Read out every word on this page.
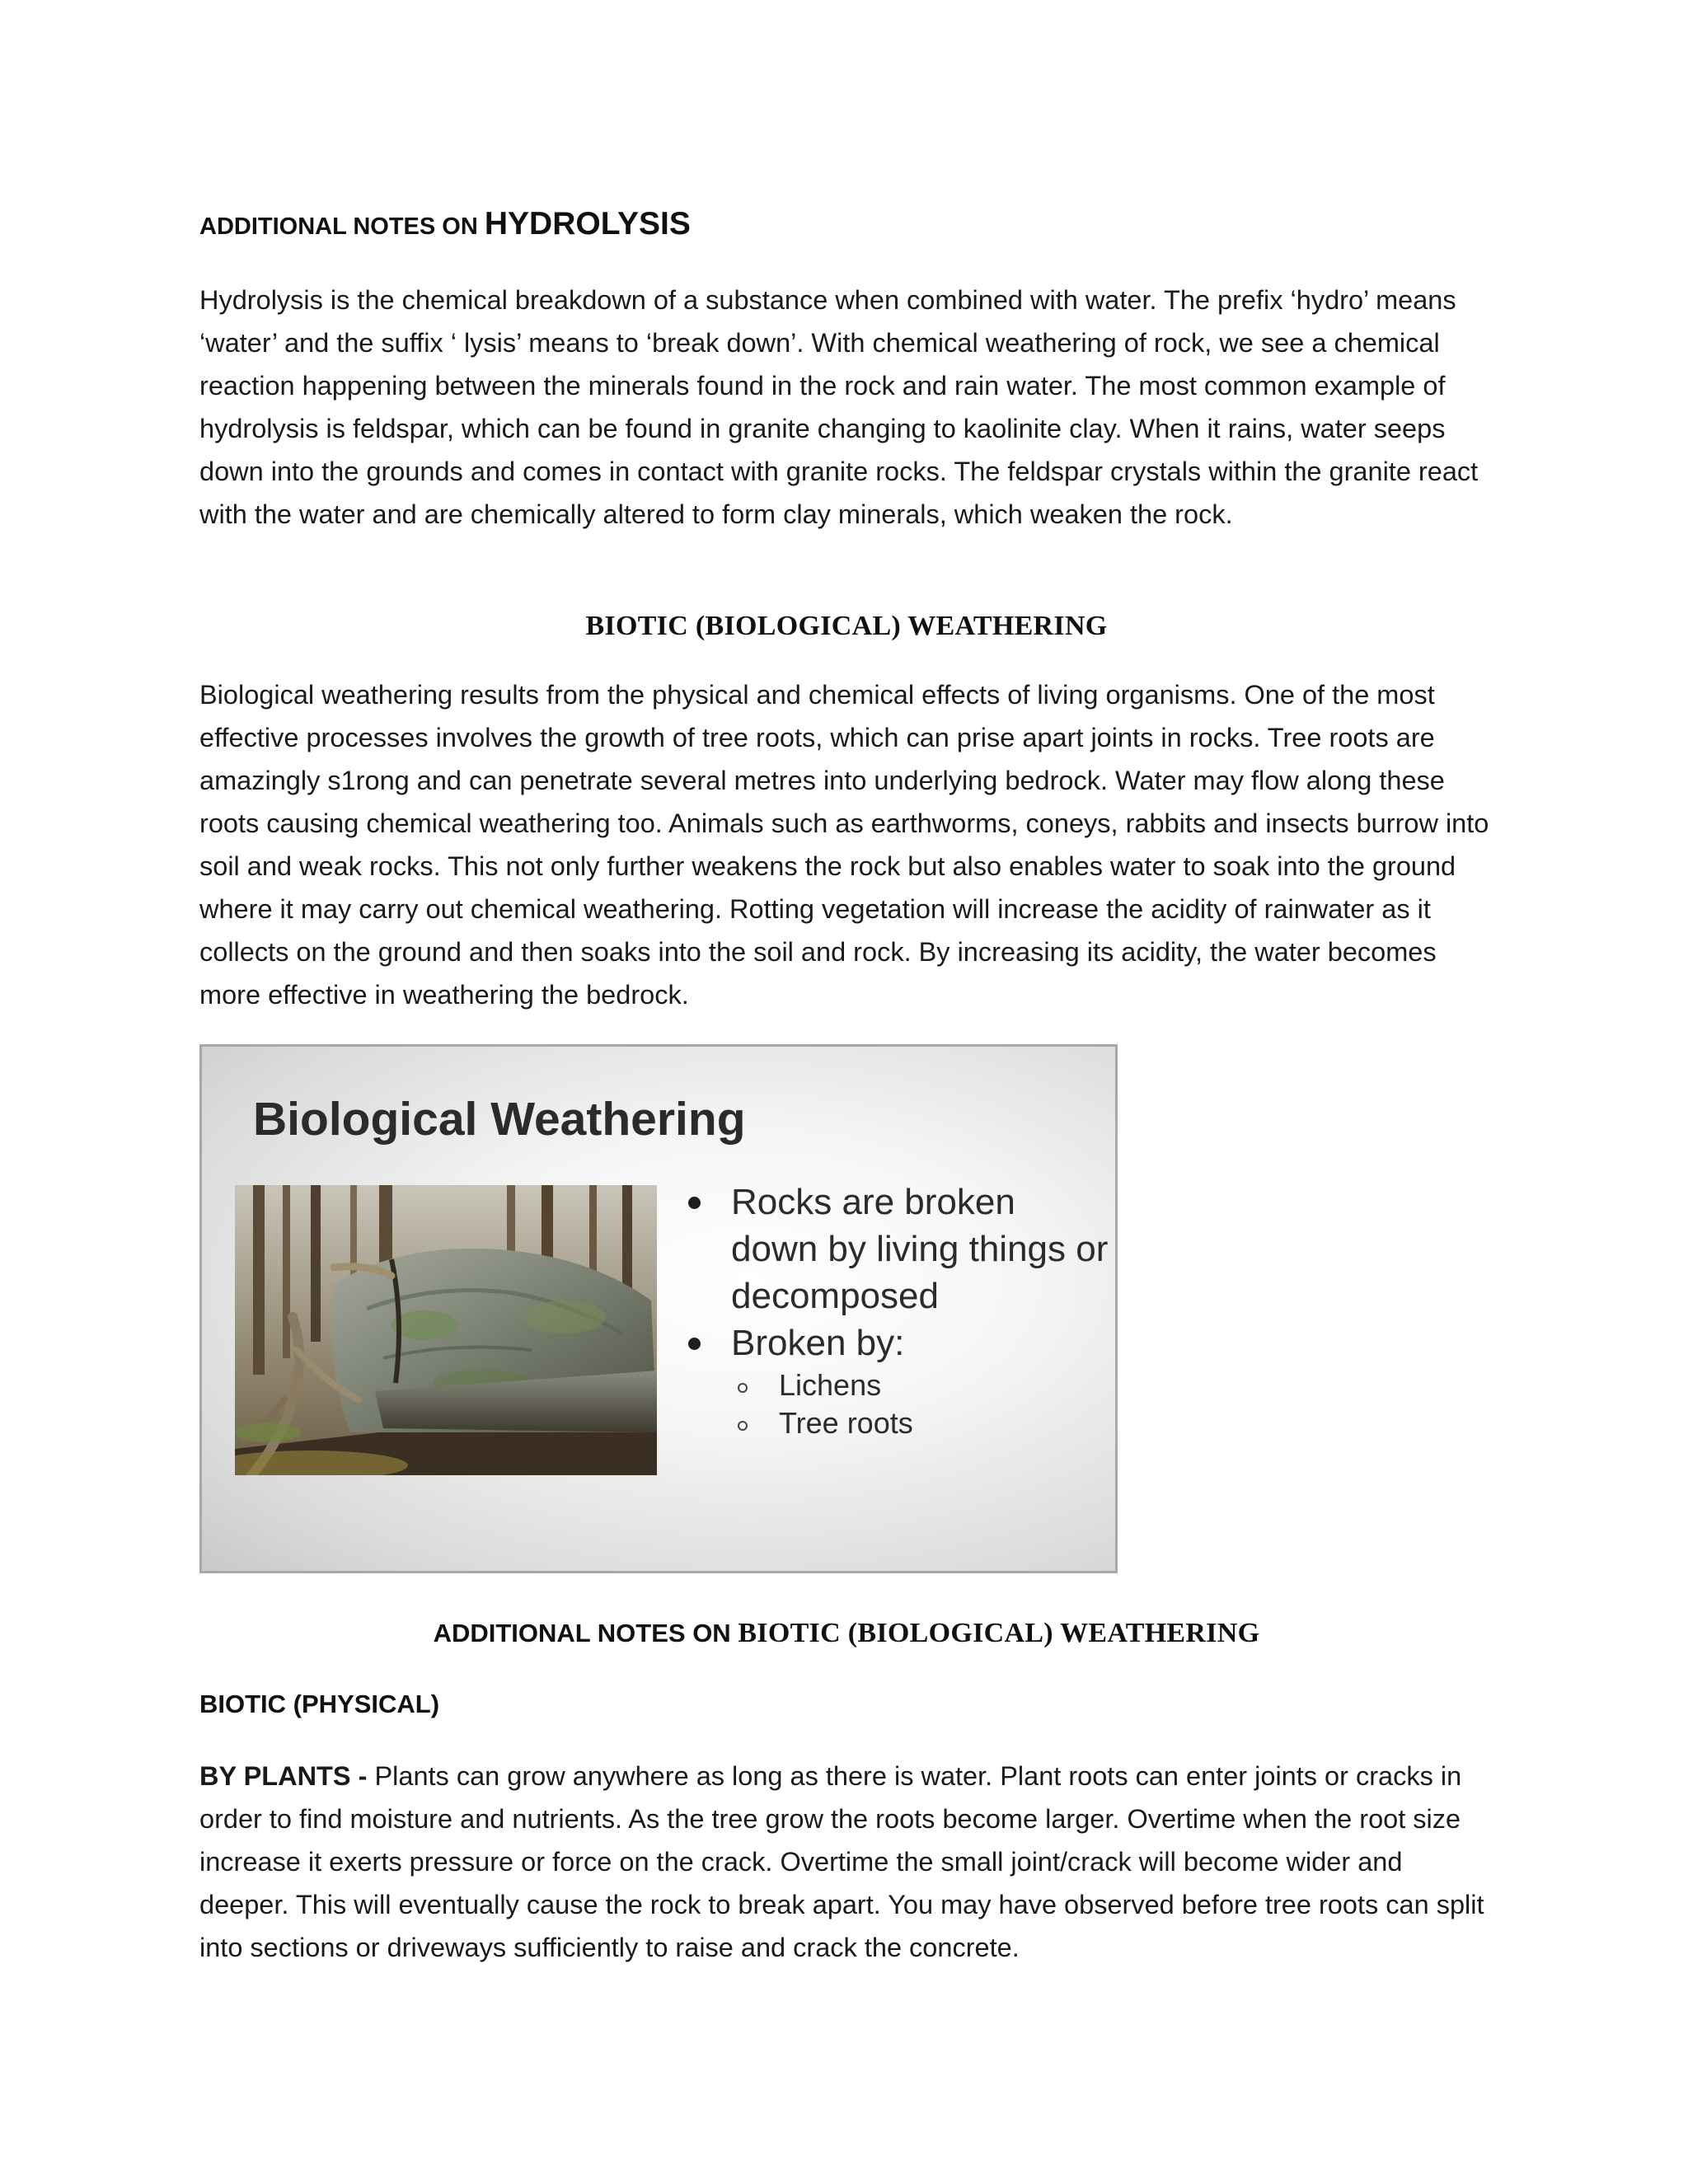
ADDITIONAL NOTES ON HYDROLYSIS

Hydrolysis is the chemical breakdown of a substance when combined with water. The prefix ‘hydro’ means ‘water’ and the suffix ‘ lysis’ means to ‘break down’. With chemical weathering of rock, we see a chemical reaction happening between the minerals found in the rock and rain water. The most common example of hydrolysis is feldspar, which can be found in granite changing to kaolinite clay. When it rains, water seeps down into the grounds and comes in contact with granite rocks. The feldspar crystals within the granite react with the water and are chemically altered to form clay minerals, which weaken the rock.

BIOTIC (BIOLOGICAL) WEATHERING

Biological weathering results from the physical and chemical effects of living organisms. One of the most effective processes involves the growth of tree roots, which can prise apart joints in rocks. Tree roots are amazingly s1rong and can penetrate several metres into underlying bedrock. Water may flow along these roots causing chemical weathering too. Animals such as earthworms, coneys, rabbits and insects burrow into soil and weak rocks. This not only further weakens the rock but also enables water to soak into the ground where it may carry out chemical weathering. Rotting vegetation will increase the acidity of rainwater as it collects on the ground and then soaks into the soil and rock. By increasing its acidity, the water becomes more effective in weathering the bedrock.

Biological Weathering
Rocks are broken down by living things or decomposed
Broken by:
Lichens
Tree roots
ADDITIONAL NOTES ON BIOTIC (BIOLOGICAL) WEATHERING
BIOTIC (PHYSICAL)

BY PLANTS - Plants can grow anywhere as long as there is water. Plant roots can enter joints or cracks in order to find moisture and nutrients. As the tree grow the roots become larger. Overtime when the root size increase it exerts pressure or force on the crack. Overtime the small joint/crack will become wider and deeper. This will eventually cause the rock to break apart. You may have observed before tree roots can split into sections or driveways sufficiently to raise and crack the concrete.
